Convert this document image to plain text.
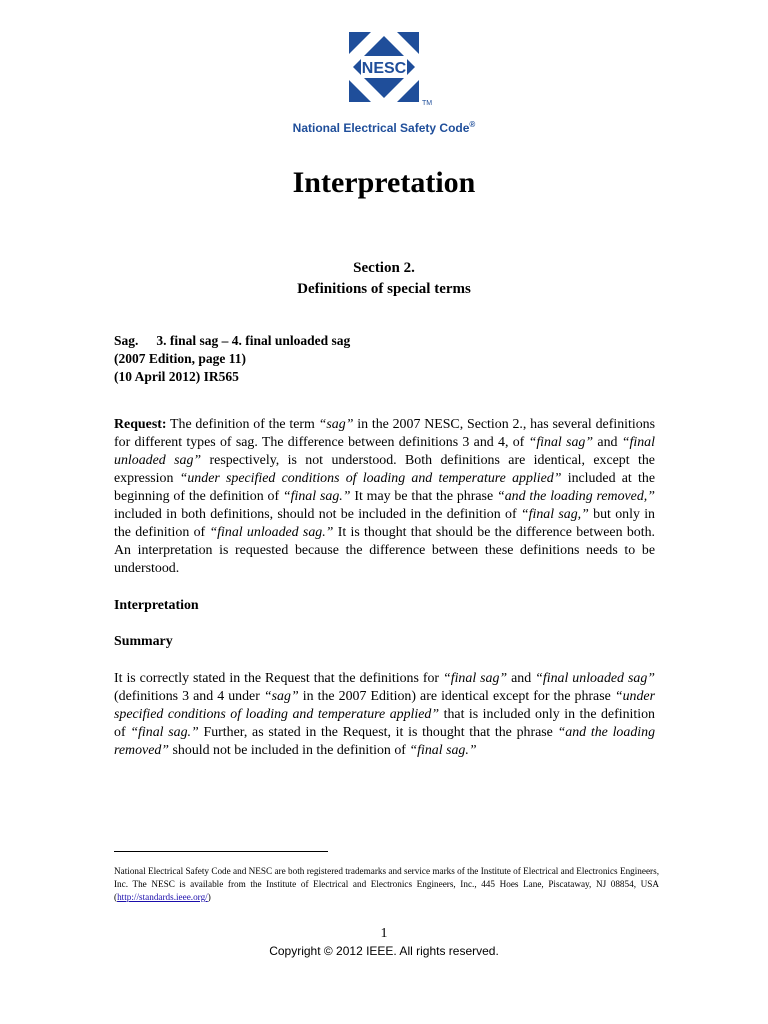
NESC
TM
National Electrical Safety Code®
Interpretation
Section 2.
Definitions of special terms
Sag. 3. final sag – 4. final unloaded sag
(2007 Edition, page 11)
(10 April 2012) IR565

Request: The definition of the term “sag” in the 2007 NESC, Section 2., has several definitions for different types of sag. The difference between definitions 3 and 4, of “final sag” and “final unloaded sag” respectively, is not understood. Both definitions are identical, except the expression “under specified conditions of loading and temperature applied” included at the beginning of the definition of “final sag.” It may be that the phrase “and the loading removed,” included in both definitions, should not be included in the definition of “final sag,” but only in the definition of “final unloaded sag.” It is thought that should be the difference between both. An interpretation is requested because the difference between these definitions needs to be understood.

Interpretation
Summary

It is correctly stated in the Request that the definitions for “final sag” and “final unloaded sag” (definitions 3 and 4 under “sag” in the 2007 Edition) are identical except for the phrase “under specified conditions of loading and temperature applied” that is included only in the definition of “final sag.” Further, as stated in the Request, it is thought that the phrase “and the loading removed” should not be included in the definition of “final sag.”

National Electrical Safety Code and NESC are both registered trademarks and service marks of the Institute of Electrical and Electronics Engineers, Inc. The NESC is available from the Institute of Electrical and Electronics Engineers, Inc., 445 Hoes Lane, Piscataway, NJ 08854, USA (http://standards.ieee.org/)
1
Copyright © 2012 IEEE. All rights reserved.
